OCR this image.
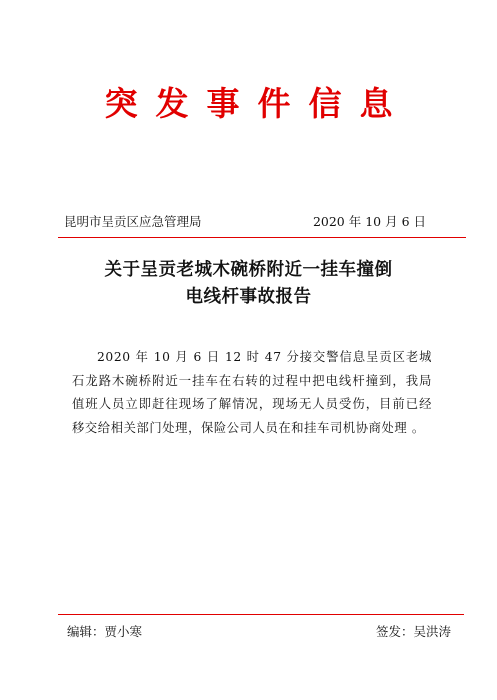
突发事件信息
昆明市呈贡区应急管理局	2020 年 10 月 6 日
关于呈贡老城木碗桥附近一挂车撞倒
电线杆事故报告

2020 年 10 月 6 日 12 时 47 分接交警信息呈贡区老城石龙路木碗桥附近一挂车在右转的过程中把电线杆撞到，我局值班人员立即赶往现场了解情况，现场无人员受伤，目前已经移交给相关部门处理，保险公司人员在和挂车司机协商处理 。

编辑：贾小寒	签发：吴洪涛
